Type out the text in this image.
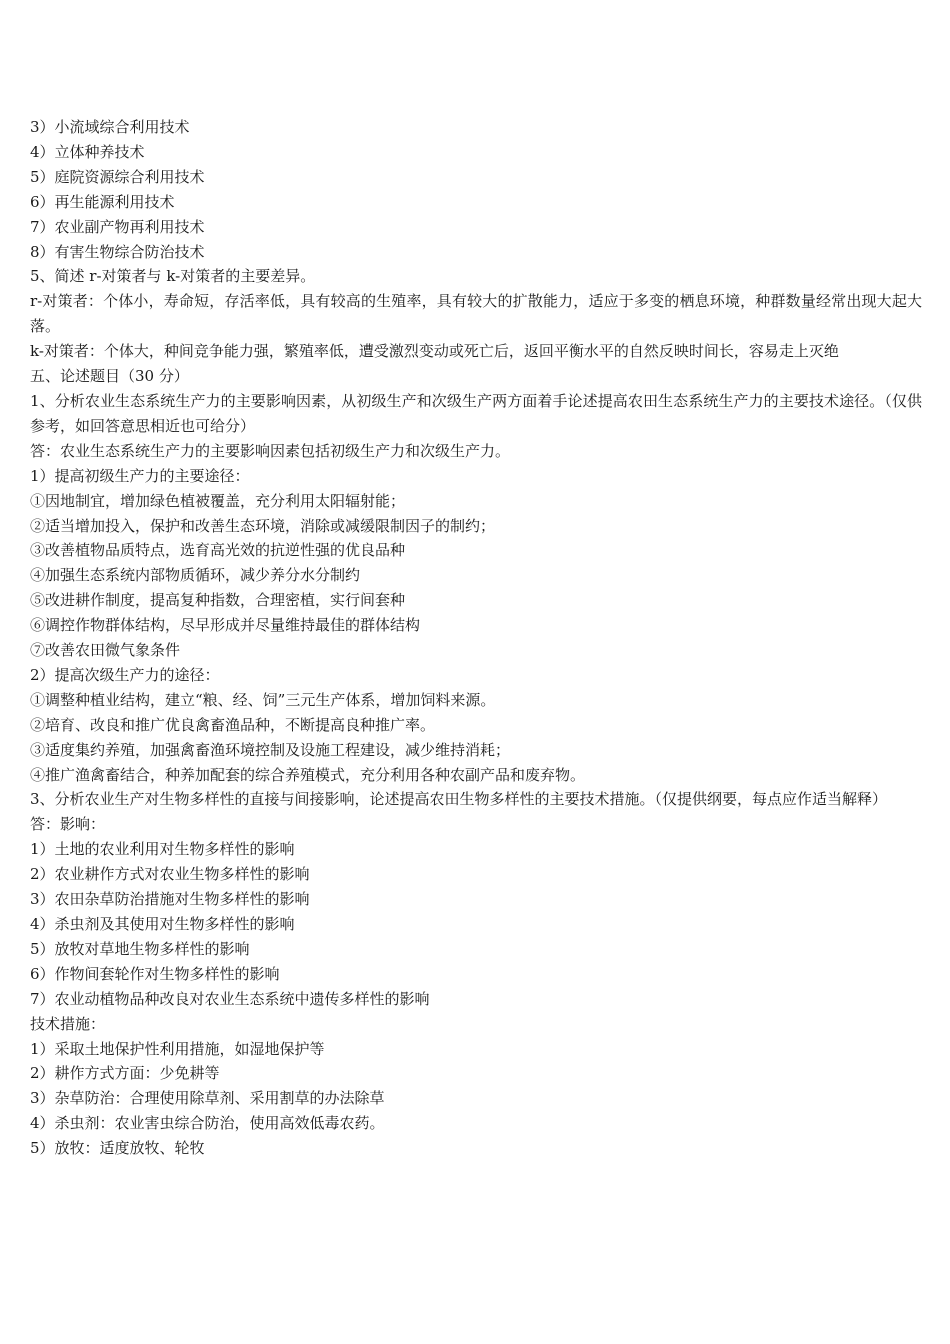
3）小流域综合利用技术

4）立体种养技术

5）庭院资源综合利用技术

6）再生能源利用技术

7）农业副产物再利用技术

8）有害生物综合防治技术

5、简述 r-对策者与 k-对策者的主要差异。

r-对策者：个体小，寿命短，存活率低，具有较高的生殖率，具有较大的扩散能力，适应于多变的栖息环境，种群数量经常出现大起大落。

k-对策者：个体大，种间竞争能力强，繁殖率低，遭受激烈变动或死亡后，返回平衡水平的自然反映时间长，容易走上灭绝

五、论述题目（30 分）

1、分析农业生态系统生产力的主要影响因素，从初级生产和次级生产两方面着手论述提高农田生态系统生产力的主要技术途径。（仅供参考，如回答意思相近也可给分）

答：农业生态系统生产力的主要影响因素包括初级生产力和次级生产力。

1）提高初级生产力的主要途径：

①因地制宜，增加绿色植被覆盖，充分利用太阳辐射能；

②适当增加投入，保护和改善生态环境，消除或减缓限制因子的制约；

③改善植物品质特点，选育高光效的抗逆性强的优良品种

④加强生态系统内部物质循环，减少养分水分制约

⑤改进耕作制度，提高复种指数，合理密植，实行间套种

⑥调控作物群体结构，尽早形成并尽量维持最佳的群体结构

⑦改善农田微气象条件

2）提高次级生产力的途径：

①调整种植业结构，建立“粮、经、饲”三元生产体系，增加饲料来源。

②培育、改良和推广优良禽畜渔品种，不断提高良种推广率。

③适度集约养殖，加强禽畜渔环境控制及设施工程建设，减少维持消耗；

④推广渔禽畜结合，种养加配套的综合养殖模式，充分利用各种农副产品和废弃物。

3、分析农业生产对生物多样性的直接与间接影响，论述提高农田生物多样性的主要技术措施。（仅提供纲要，每点应作适当解释）

答：影响：

1）土地的农业利用对生物多样性的影响

2）农业耕作方式对农业生物多样性的影响

3）农田杂草防治措施对生物多样性的影响

4）杀虫剂及其使用对生物多样性的影响

5）放牧对草地生物多样性的影响

6）作物间套轮作对生物多样性的影响

7）农业动植物品种改良对农业生态系统中遗传多样性的影响

技术措施：

1）采取土地保护性利用措施，如湿地保护等

2）耕作方式方面：少免耕等

3）杂草防治：合理使用除草剂、采用割草的办法除草

4）杀虫剂：农业害虫综合防治，使用高效低毒农药。

5）放牧：适度放牧、轮牧
